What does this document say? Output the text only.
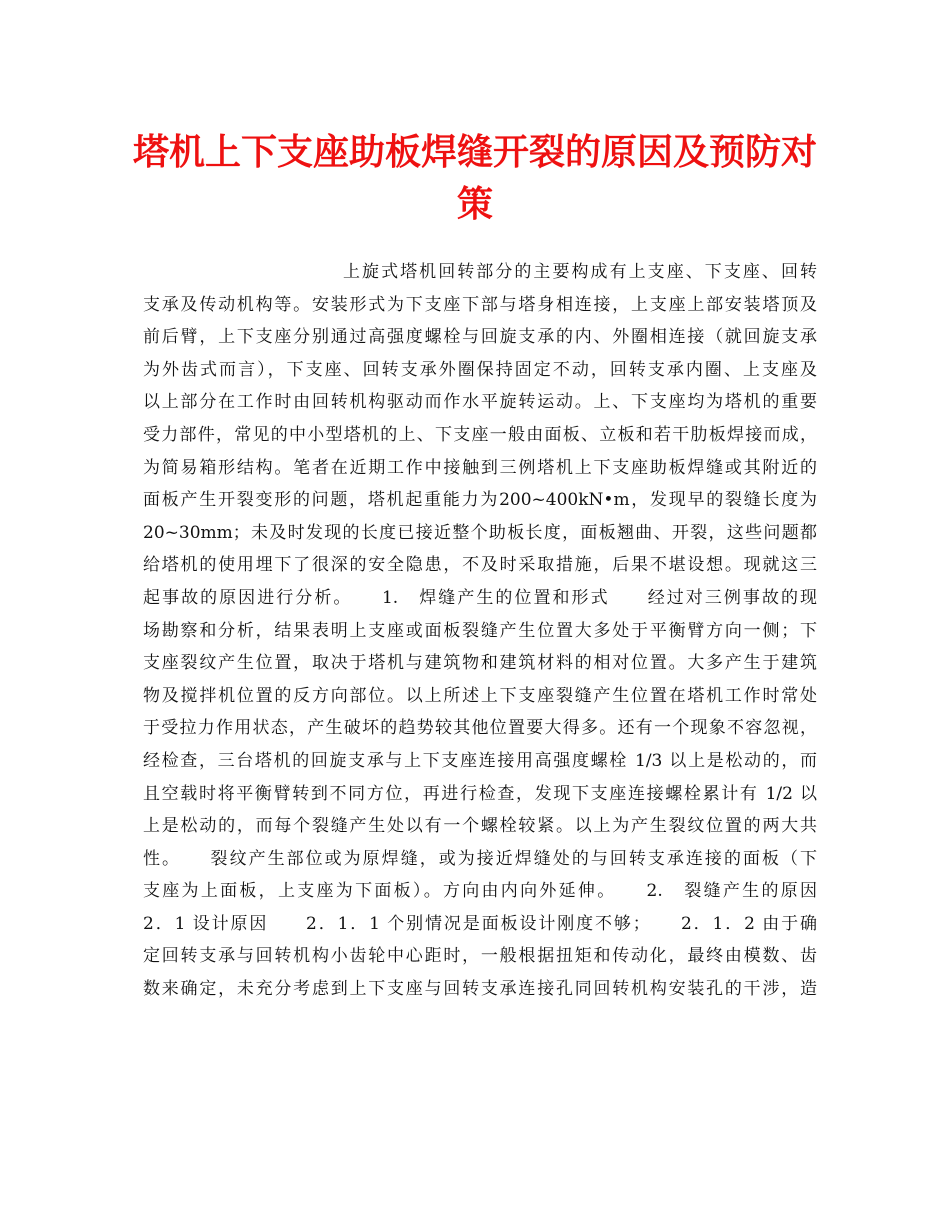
塔机上下支座助板焊缝开裂的原因及预防对策
上旋式塔机回转部分的主要构成有上支座、下支座、回转
支承及传动机构等。安装形式为下支座下部与塔身相连接，上支座上部安装塔顶及
前后臂，上下支座分别通过高强度螺栓与回旋支承的内、外圈相连接（就回旋支承
为外齿式而言），下支座、回转支承外圈保持固定不动，回转支承内圈、上支座及
以上部分在工作时由回转机构驱动而作水平旋转运动。上、下支座均为塔机的重要
受力部件，常见的中小型塔机的上、下支座一般由面板、立板和若干肋板焊接而成，
为简易箱形结构。笔者在近期工作中接触到三例塔机上下支座助板焊缝或其附近的
面板产生开裂变形的问题，塔机起重能力为200~400kN•m，发现早的裂缝长度为
20~30mm；未及时发现的长度已接近整个助板长度，面板翘曲、开裂，这些问题都
给塔机的使用埋下了很深的安全隐患，不及时采取措施，后果不堪设想。现就这三
起事故的原因进行分析。　　1.　焊缝产生的位置和形式　　经过对三例事故的现
场勘察和分析，结果表明上支座或面板裂缝产生位置大多处于平衡臂方向一侧；下
支座裂纹产生位置，取决于塔机与建筑物和建筑材料的相对位置。大多产生于建筑
物及搅拌机位置的反方向部位。以上所述上下支座裂缝产生位置在塔机工作时常处
于受拉力作用状态，产生破坏的趋势较其他位置要大得多。还有一个现象不容忽视，
经检查，三台塔机的回旋支承与上下支座连接用高强度螺栓 1/3 以上是松动的，而
且空载时将平衡臂转到不同方位，再进行检查，发现下支座连接螺栓累计有 1/2 以
上是松动的，而每个裂缝产生处以有一个螺栓较紧。以上为产生裂纹位置的两大共
性。　　裂纹产生部位或为原焊缝，或为接近焊缝处的与回转支承连接的面板（下
支座为上面板，上支座为下面板）。方向由内向外延伸。　　2.　裂缝产生的原因
2．1 设计原因　　2．1．1 个别情况是面板设计刚度不够；　　2．1．2 由于确
定回转支承与回转机构小齿轮中心距时，一般根据扭矩和传动化，最终由模数、齿
数来确定，未充分考虑到上下支座与回转支承连接孔同回转机构安装孔的干涉，造
